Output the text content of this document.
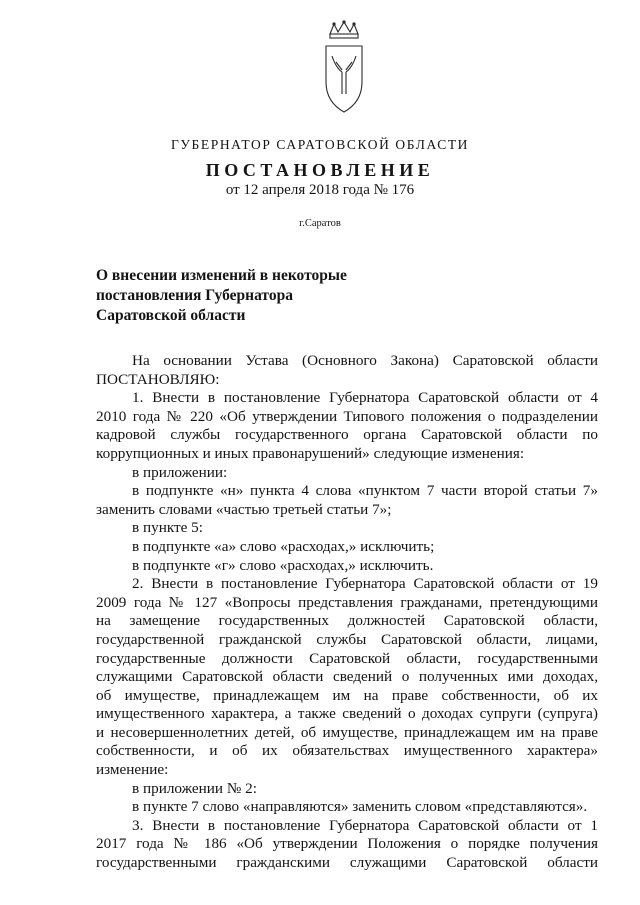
ГУБЕРНАТОР САРАТОВСКОЙ ОБЛАСТИ
ПОСТАНОВЛЕНИЕ
от 12 апреля 2018 года № 176
г.Саратов
О внесении изменений в некоторые
постановления Губернатора
Саратовской области
На основании Устава (Основного Закона) Саратовской области
ПОСТАНОВЛЯЮ:
1. Внести в постановление Губернатора Саратовской области от 4
2010 года № 220 «Об утверждении Типового положения о подразделении
кадровой службы государственного органа Саратовской области по
коррупционных и иных правонарушений» следующие изменения:
в приложении:
в подпункте «н» пункта 4 слова «пунктом 7 части второй статьи 7»
заменить словами «частью третьей статьи 7»;
в пункте 5:
в подпункте «а» слово «расходах,» исключить;
в подпункте «г» слово «расходах,» исключить.
2. Внести в постановление Губернатора Саратовской области от 19
2009 года № 127 «Вопросы представления гражданами, претендующими
на замещение государственных должностей Саратовской области,
государственной гражданской службы Саратовской области, лицами,
государственные должности Саратовской области, государственными
служащими Саратовской области сведений о полученных ими доходах,
об имуществе, принадлежащем им на праве собственности, об их
имущественного характера, а также сведений о доходах супруги (супруга)
и несовершеннолетних детей, об имуществе, принадлежащем им на праве
собственности, и об их обязательствах имущественного характера»
изменение:
в приложении № 2:
в пункте 7 слово «направляются» заменить словом «представляются».
3. Внести в постановление Губернатора Саратовской области от 1
2017 года № 186 «Об утверждении Положения о порядке получения
государственными гражданскими служащими Саратовской области
